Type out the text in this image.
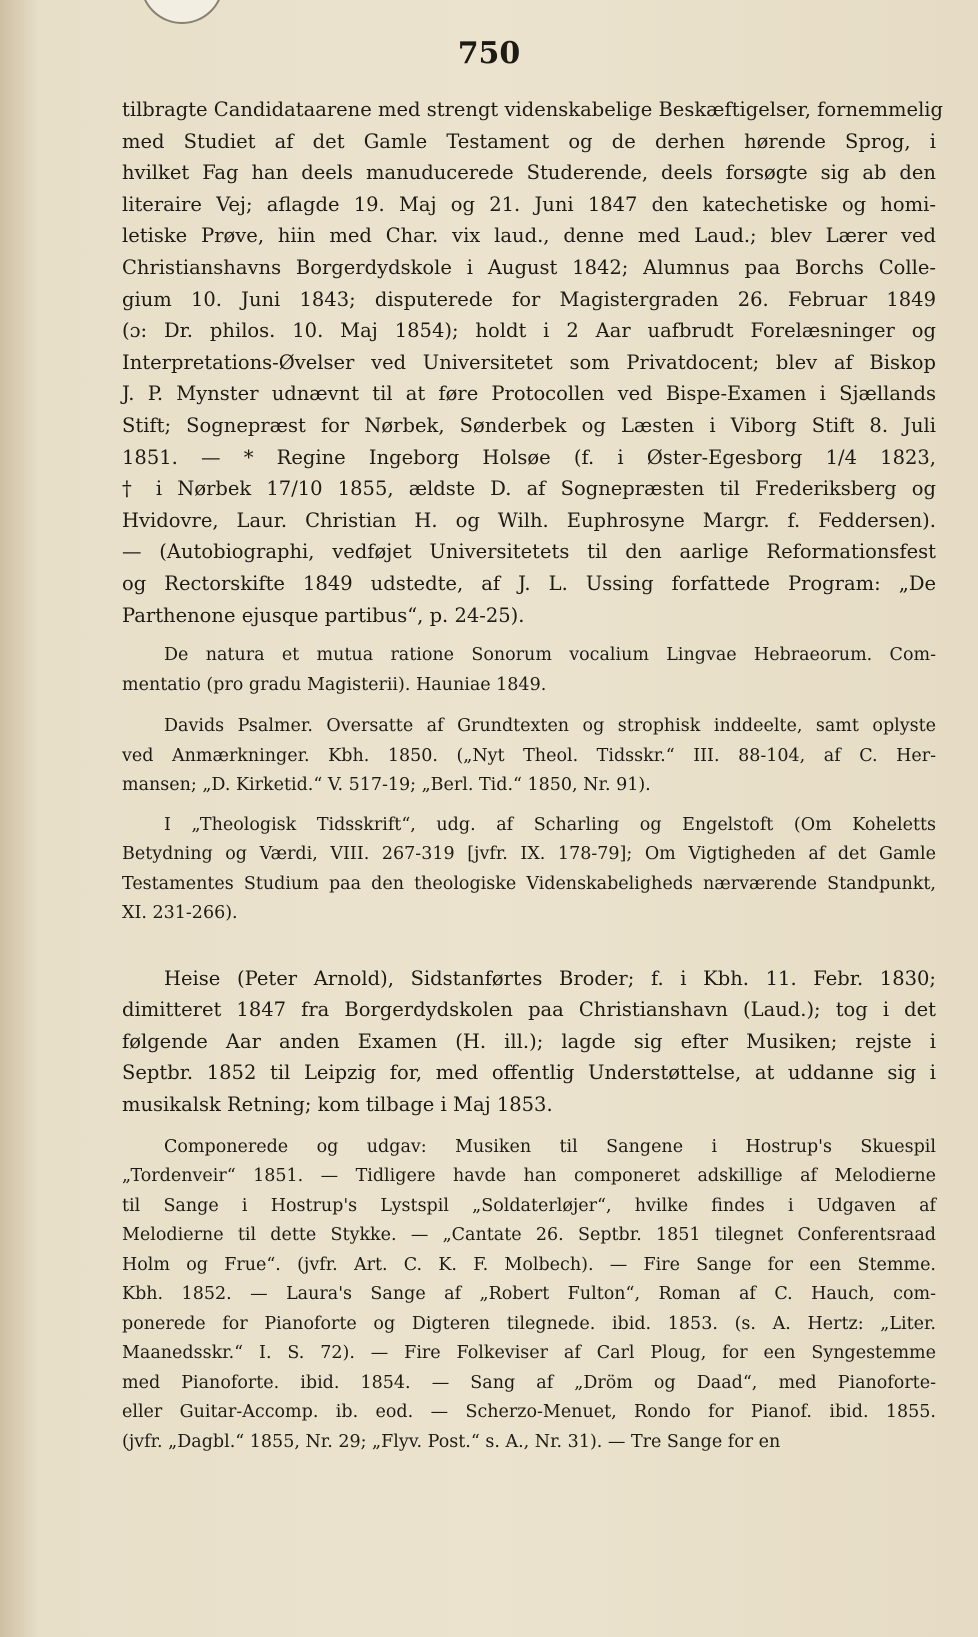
750
tilbragte Candidataarene med strengt videnskabelige Beskæftigelser, fornemmelig
med Studiet af det Gamle Testament og de derhen hørende Sprog, i
hvilket Fag han deels manuducerede Studerende, deels forsøgte sig ab den
literaire Vej; aflagde 19. Maj og 21. Juni 1847 den katechetiske og homi-
letiske Prøve, hiin med Char. vix laud., denne med Laud.; blev Lærer ved
Christianshavns Borgerdydskole i August 1842; Alumnus paa Borchs Colle-
gium 10. Juni 1843; disputerede for Magistergraden 26. Februar 1849
(ɔ: Dr. philos. 10. Maj 1854); holdt i 2 Aar uafbrudt Forelæsninger og
Interpretations-Øvelser ved Universitetet som Privatdocent; blev af Biskop
J. P. Mynster udnævnt til at føre Protocollen ved Bispe-Examen i Sjællands
Stift; Sognepræst for Nørbek, Sønderbek og Læsten i Viborg Stift 8. Juli
1851. — * Regine Ingeborg Holsøe (f. i Øster-Egesborg 1/4 1823,
† i Nørbek 17/10 1855, ældste D. af Sognepræsten til Frederiksberg og
Hvidovre, Laur. Christian H. og Wilh. Euphrosyne Margr. f. Feddersen).
— (Autobiographi, vedføjet Universitetets til den aarlige Reformationsfest
og Rectorskifte 1849 udstedte, af J. L. Ussing forfattede Program: „De
Parthenone ejusque partibus“, p. 24-25).
De natura et mutua ratione Sonorum vocalium Lingvae Hebraeorum. Com-
mentatio (pro gradu Magisterii). Hauniae 1849.
Davids Psalmer. Oversatte af Grundtexten og strophisk inddeelte, samt oplyste
ved Anmærkninger. Kbh. 1850. („Nyt Theol. Tidsskr.“ III. 88-104, af C. Her-
mansen; „D. Kirketid.“ V. 517-19; „Berl. Tid.“ 1850, Nr. 91).
I „Theologisk Tidsskrift“, udg. af Scharling og Engelstoft (Om Koheletts
Betydning og Værdi, VIII. 267-319 [jvfr. IX. 178-79]; Om Vigtigheden af det Gamle
Testamentes Studium paa den theologiske Videnskabeligheds nærværende Standpunkt,
XI. 231-266).
Heise (Peter Arnold), Sidstanførtes Broder; f. i Kbh. 11. Febr. 1830;
dimitteret 1847 fra Borgerdydskolen paa Christianshavn (Laud.); tog i det
følgende Aar anden Examen (H. ill.); lagde sig efter Musiken; rejste i
Septbr. 1852 til Leipzig for, med offentlig Understøttelse, at uddanne sig i
musikalsk Retning; kom tilbage i Maj 1853.
Componerede og udgav: Musiken til Sangene i Hostrup's Skuespil
„Tordenveir“ 1851. — Tidligere havde han componeret adskillige af Melodierne
til Sange i Hostrup's Lystspil „Soldaterløjer“, hvilke findes i Udgaven af
Melodierne til dette Stykke. — „Cantate 26. Septbr. 1851 tilegnet Conferentsraad
Holm og Frue“. (jvfr. Art. C. K. F. Molbech). — Fire Sange for een Stemme.
Kbh. 1852. — Laura's Sange af „Robert Fulton“, Roman af C. Hauch, com-
ponerede for Pianoforte og Digteren tilegnede. ibid. 1853. (s. A. Hertz: „Liter.
Maanedsskr.“ I. S. 72). — Fire Folkeviser af Carl Ploug, for een Syngestemme
med Pianoforte. ibid. 1854. — Sang af „Dröm og Daad“, med Pianoforte-
eller Guitar-Accomp. ib. eod. — Scherzo-Menuet, Rondo for Pianof. ibid. 1855.
(jvfr. „Dagbl.“ 1855, Nr. 29; „Flyv. Post.“ s. A., Nr. 31). — Tre Sange for en
